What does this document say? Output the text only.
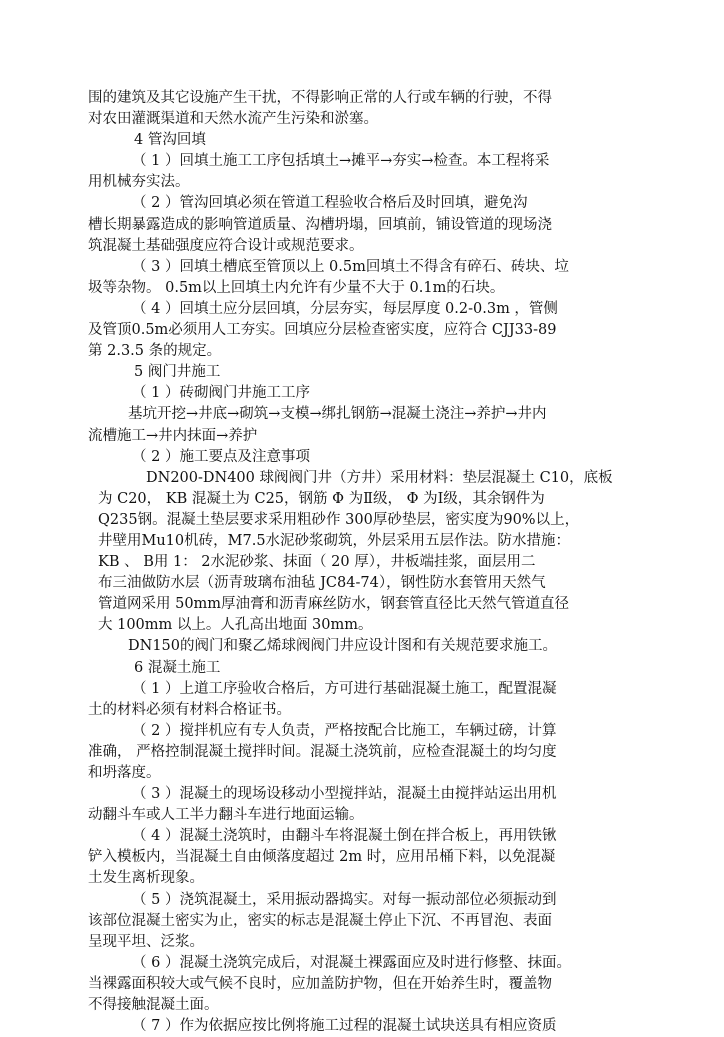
围的建筑及其它设施产生干扰，不得影响正常的人行或车辆的行驶，不得
对农田灌溉渠道和天然水流产生污染和淤塞。
4 管沟回填
（ 1 ）回填土施工工序包括填土→摊平→夯实→检查。本工程将采
用机械夯实法。
（ 2 ）管沟回填必须在管道工程验收合格后及时回填，避免沟
槽长期暴露造成的影响管道质量、沟槽坍塌，回填前，铺设管道的现场浇
筑混凝土基础强度应符合设计或规范要求。
（ 3 ）回填土槽底至管顶以上 0.5m回填土不得含有碎石、砖块、垃
圾等杂物。 0.5m以上回填土内允许有少量不大于 0.1m的石块。
（ 4 ）回填土应分层回填，分层夯实，每层厚度 0.2-0.3m ，管侧
及管顶0.5m必须用人工夯实。回填应分层检查密实度，应符合 CJJ33-89
第 2.3.5 条的规定。
5 阀门井施工
（ 1 ）砖砌阀门井施工工序
基坑开挖→井底→砌筑→支模→绑扎钢筋→混凝土浇注→养护→井内
流槽施工→井内抹面→养护
（ 2 ）施工要点及注意事项
DN200-DN400 球阀阀门井（方井）采用材料：垫层混凝土 C10，底板
为 C20， KB 混凝土为 C25，钢筋 Φ 为Ⅱ级， Φ 为Ⅰ级，其余钢件为
Q235钢。混凝土垫层要求采用粗砂作 300厚砂垫层，密实度为90%以上，
井壁用Mu10机砖，M7.5水泥砂浆砌筑，外层采用五层作法。防水措施：
KB 、 B用 1： 2水泥砂浆、抹面（ 20 厚），井板端挂浆，面层用二
布三油做防水层（沥青玻璃布油毡 JC84-74），钢性防水套管用天然气
管道网采用 50mm厚油膏和沥青麻丝防水，钢套管直径比天然气管道直径
大 100mm 以上。人孔高出地面 30mm。
DN150的阀门和聚乙烯球阀阀门井应设计图和有关规范要求施工。
6 混凝土施工
（ 1 ）上道工序验收合格后，方可进行基础混凝土施工，配置混凝
土的材料必须有材料合格证书。
（ 2 ）搅拌机应有专人负责，严格按配合比施工，车辆过磅，计算
准确， 严格控制混凝土搅拌时间。混凝土浇筑前，应检查混凝土的均匀度
和坍落度。
（ 3 ）混凝土的现场设移动小型搅拌站，混凝土由搅拌站运出用机
动翻斗车或人工半力翻斗车进行地面运输。
（ 4 ）混凝土浇筑时，由翻斗车将混凝土倒在拌合板上，再用铁锹
铲入模板内，当混凝土自由倾落度超过 2m 时，应用吊桶下料，以免混凝
土发生离析现象。
（ 5 ）浇筑混凝土，采用振动器捣实。对每一振动部位必须振动到
该部位混凝土密实为止，密实的标志是混凝土停止下沉、不再冒泡、表面
呈现平坦、泛浆。
（ 6 ）混凝土浇筑完成后，对混凝土裸露面应及时进行修整、抹面。
当裸露面积较大或气候不良时，应加盖防护物，但在开始养生时，覆盖物
不得接触混凝土面。
（ 7 ）作为依据应按比例将施工过程的混凝土试块送具有相应资质
